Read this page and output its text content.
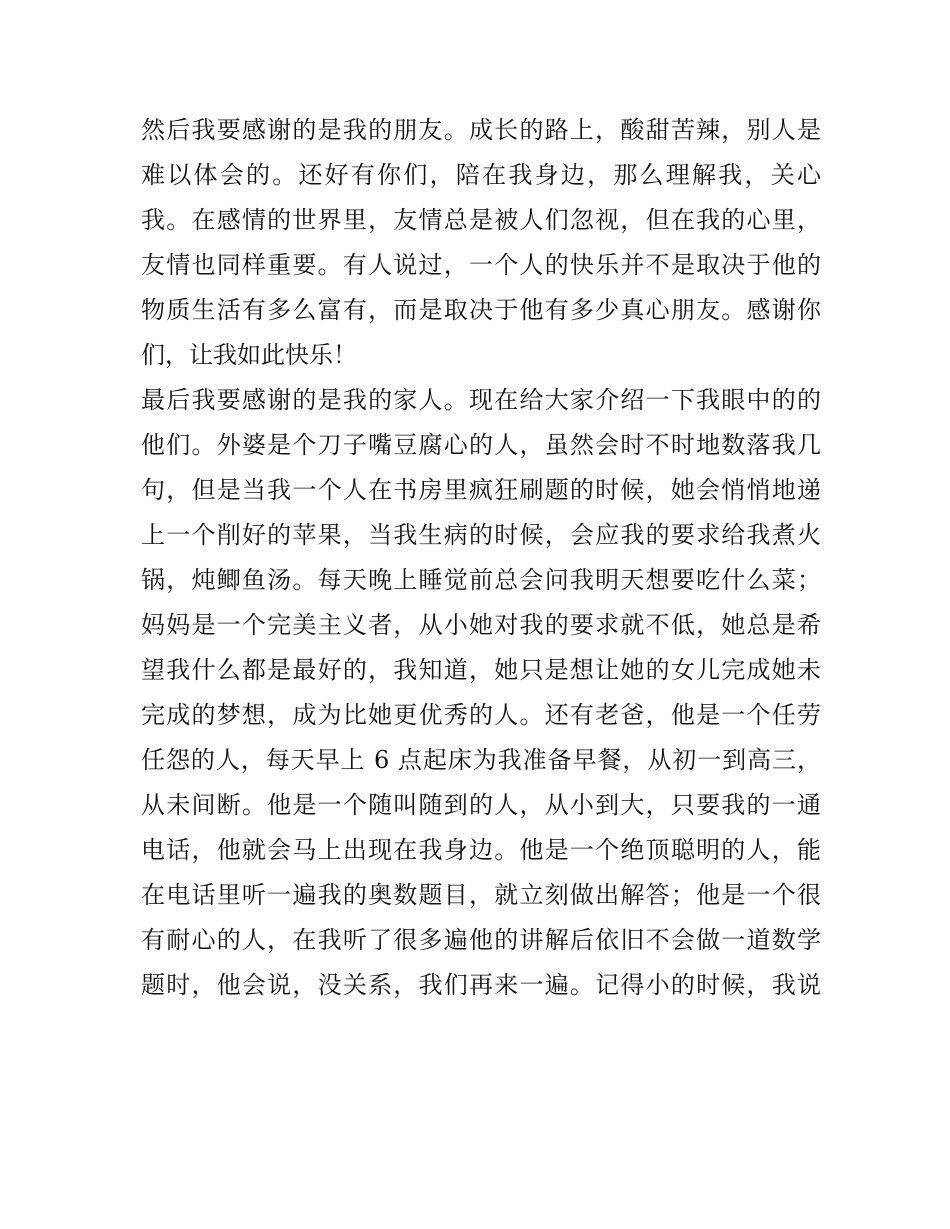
然后我要感谢的是我的朋友。成长的路上，酸甜苦辣，别人是
难以体会的。还好有你们，陪在我身边，那么理解我，关心
我。在感情的世界里，友情总是被人们忽视，但在我的心里，
友情也同样重要。有人说过，一个人的快乐并不是取决于他的
物质生活有多么富有，而是取决于他有多少真心朋友。感谢你
们，让我如此快乐！
最后我要感谢的是我的家人。现在给大家介绍一下我眼中的的
他们。外婆是个刀子嘴豆腐心的人，虽然会时不时地数落我几
句，但是当我一个人在书房里疯狂刷题的时候，她会悄悄地递
上一个削好的苹果，当我生病的时候，会应我的要求给我煮火
锅，炖鲫鱼汤。每天晚上睡觉前总会问我明天想要吃什么菜；
妈妈是一个完美主义者，从小她对我的要求就不低，她总是希
望我什么都是最好的，我知道，她只是想让她的女儿完成她未
完成的梦想，成为比她更优秀的人。还有老爸，他是一个任劳
任怨的人，每天早上 6 点起床为我准备早餐，从初一到高三，
从未间断。他是一个随叫随到的人，从小到大，只要我的一通
电话，他就会马上出现在我身边。他是一个绝顶聪明的人，能
在电话里听一遍我的奥数题目，就立刻做出解答；他是一个很
有耐心的人，在我听了很多遍他的讲解后依旧不会做一道数学
题时，他会说，没关系，我们再来一遍。记得小的时候，我说
